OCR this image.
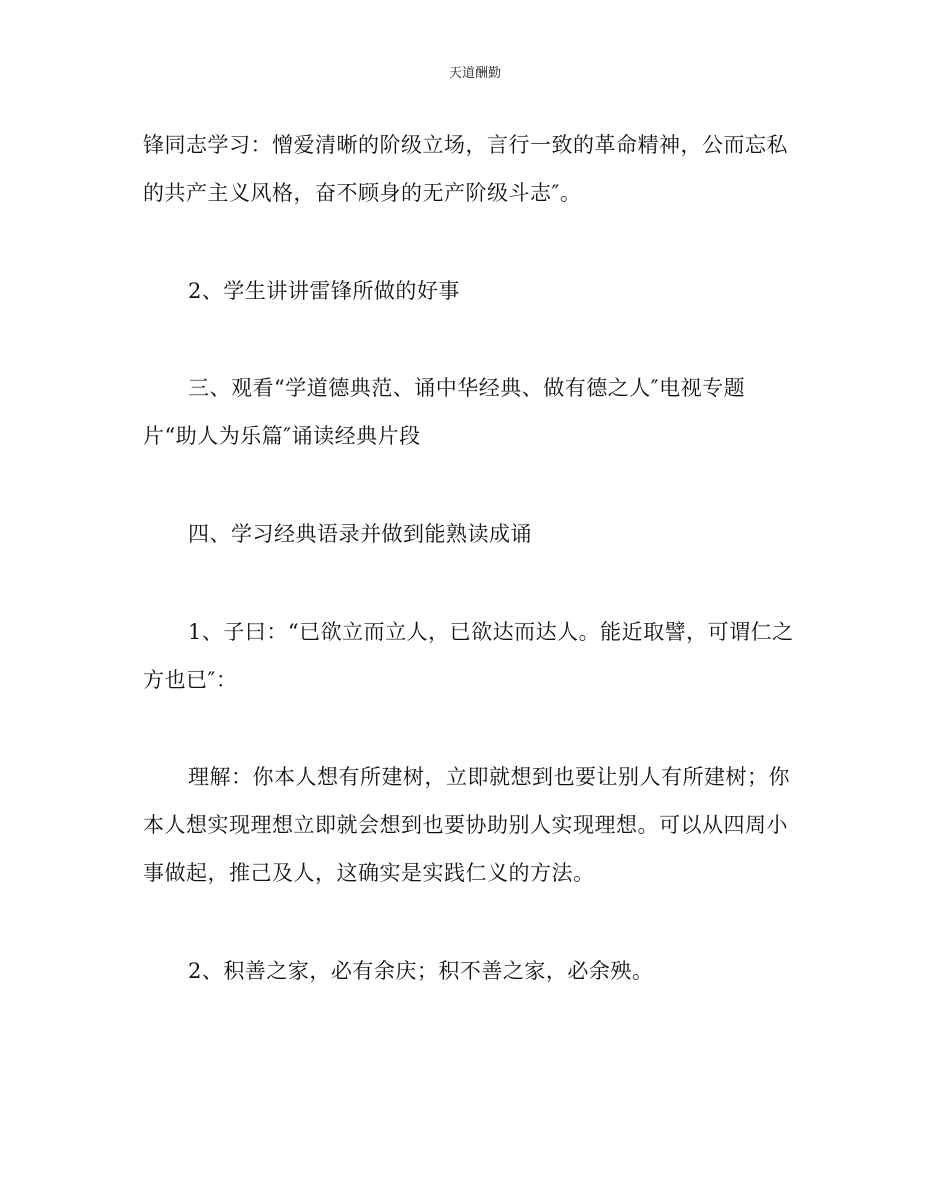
天道酬勤
锋同志学习：憎爱清晰的阶级立场，言行一致的革命精神，公而忘私
的共产主义风格，奋不顾身的无产阶级斗志″。
2、学生讲讲雷锋所做的好事
三、观看“学道德典范、诵中华经典、做有德之人″电视专题
片“助人为乐篇″诵读经典片段
四、学习经典语录并做到能熟读成诵
1、子曰：“已欲立而立人，已欲达而达人。能近取譬，可谓仁之
方也已″：
理解：你本人想有所建树，立即就想到也要让别人有所建树；你
本人想实现理想立即就会想到也要协助别人实现理想。可以从四周小
事做起，推己及人，这确实是实践仁义的方法。
2、积善之家，必有余庆；积不善之家，必余殃。
